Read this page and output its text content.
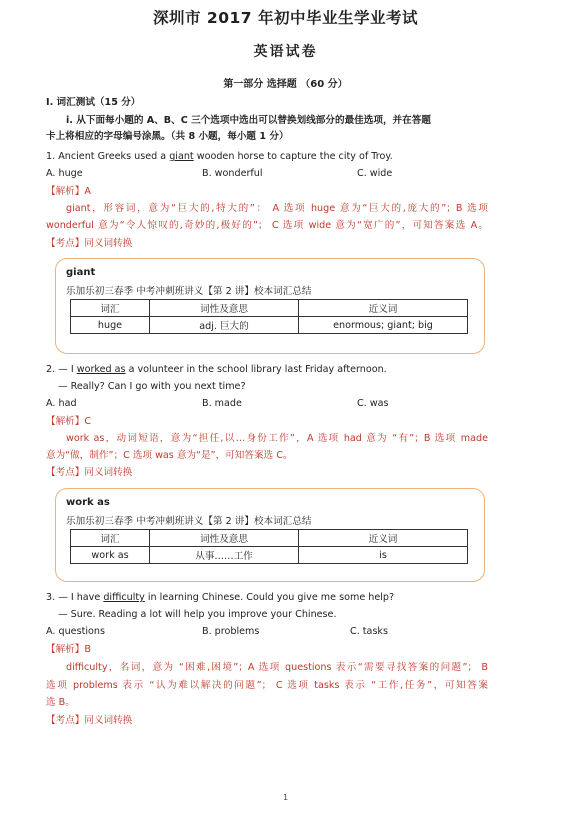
深圳市 2017 年初中毕业生学业考试
英语试卷
第一部分 选择题 （60 分）
I. 词汇测试（15 分）
i. 从下面每小题的 A、B、C 三个选项中选出可以替换划线部分的最佳选项，并在答题
卡上将相应的字母编号涂黑。（共 8 小题，每小题 1 分）
1. Ancient Greeks used a giant wooden horse to capture the city of Troy.
A. huge	B. wonderful	C. wide
【解析】A
giant，形容词，意为“巨大的,特大的”： A 选项 huge 意为“巨大的,庞大的”；B 选项
wonderful 意为“令人惊叹的,奇妙的,极好的”； C 选项 wide 意为“宽广的”，可知答案选 A。
【考点】同义词转换
giant
乐加乐初三春季 中考冲刺班讲义【第 2 讲】校本词汇总结
词汇	词性及意思	近义词
huge	adj. 巨大的	enormous; giant; big
2. — I worked as a volunteer in the school library last Friday afternoon.
— Really? Can I go with you next time?
A. had	B. made	C. was
【解析】C
work as，动词短语，意为“担任,以…身份工作”，A 选项 had 意为 “有”；B 选项 made
意为“做，制作”；C 选项 was 意为“是”，可知答案选 C。
【考点】同义词转换
work as
乐加乐初三春季 中考冲刺班讲义【第 2 讲】校本词汇总结
词汇	词性及意思	近义词
work as	从事……工作	is
3. — I have difficulty in learning Chinese. Could you give me some help?
— Sure. Reading a lot will help you improve your Chinese.
A. questions	B. problems	C. tasks
【解析】B
difficulty，名词，意为 “困难,困境”；A 选项 questions 表示“需要寻找答案的问题”； B
选项 problems 表示 “认为难以解决的问题”； C 选项 tasks 表示 “工作,任务”，可知答案
选 B。
【考点】同义词转换
1
